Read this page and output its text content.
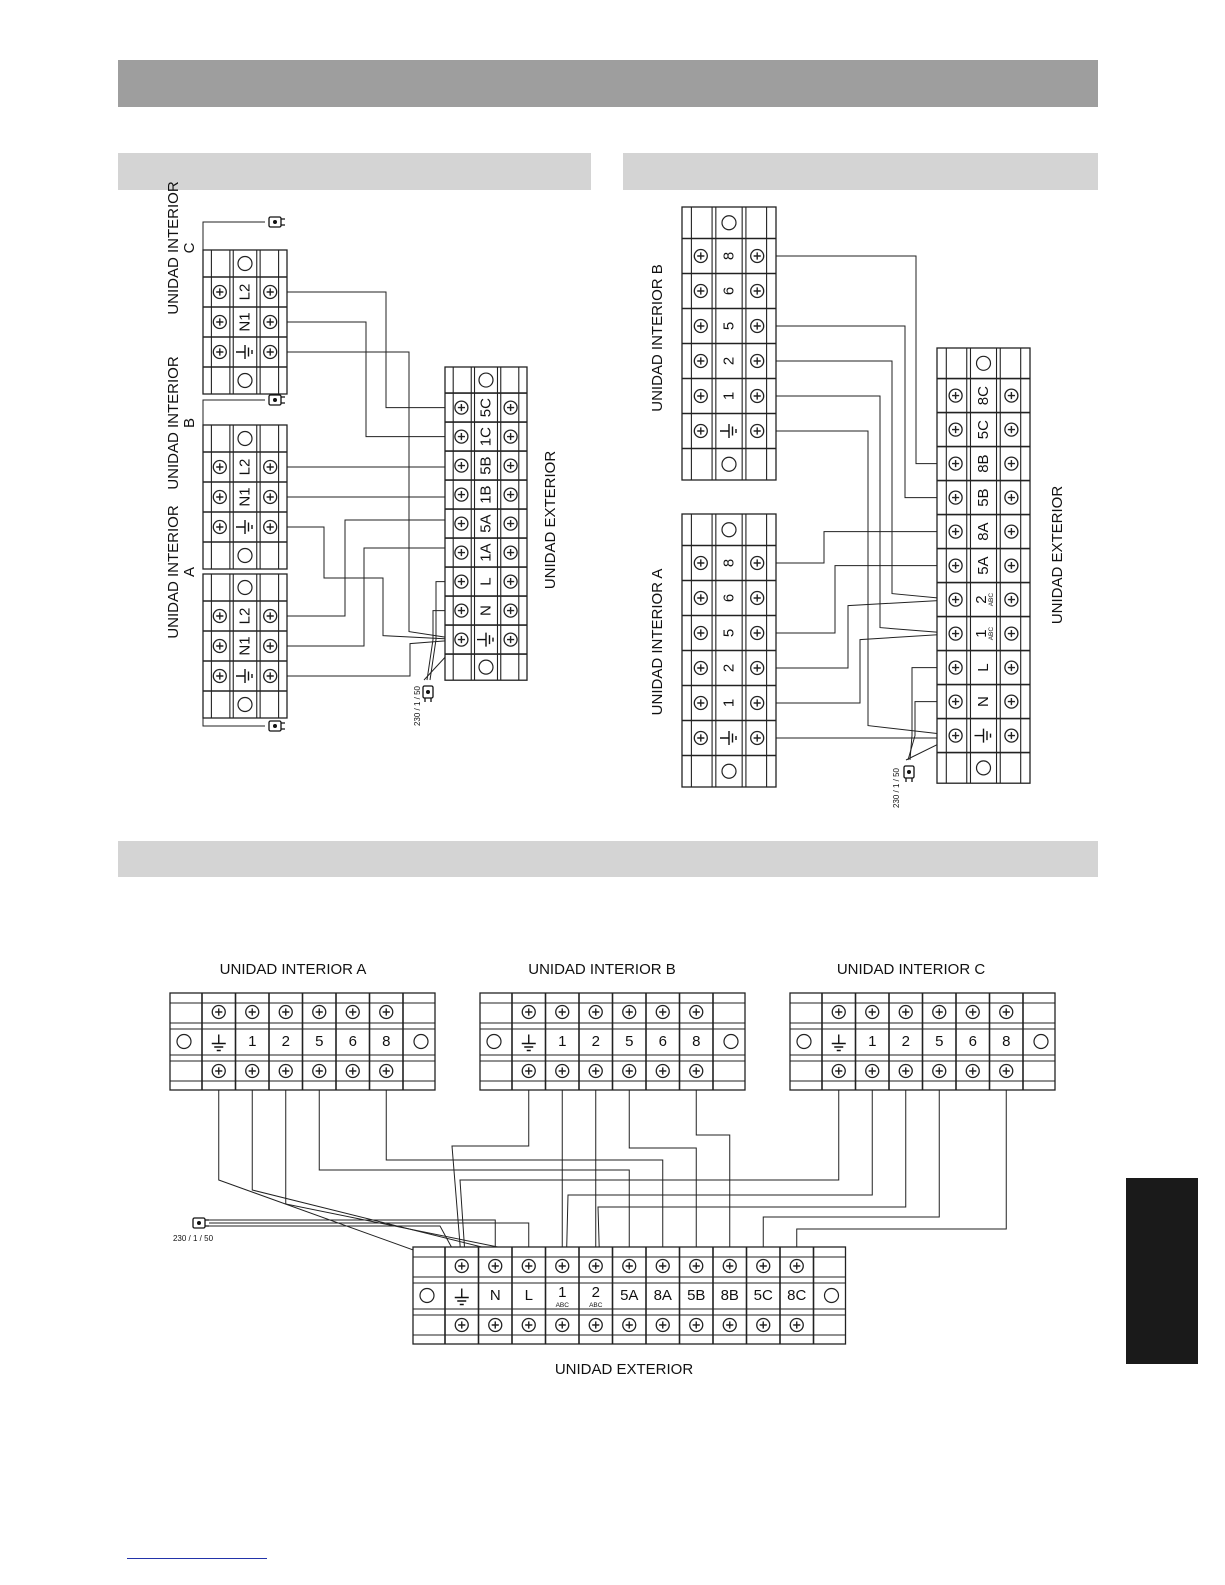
L2
N1
L2
N1
L2
N1
5C
1C
5B
1B
5A
1A
L
N
8
6
5
2
1
8
6
5
2
1
8C
5C
8B
5B
8A
5A
2
ABC
1
ABC
L
N
1 2 5 6 8	1 2 5 6 8	1 2 5 6 8
N L 1
ABC
2
ABC
5A 8A 5B 8B 5C 8C
UNIDAD INTERIOR C
UNIDAD INTERIOR B
UNIDAD INTERIOR A	UNIDAD EXTERIOR
230 / 1 / 50
UNIDAD INTERIOR B
UNIDAD INTERIOR A
UNIDAD EXTERIOR
230 / 1 / 50
UNIDAD INTERIOR A	UNIDAD INTERIOR B	UNIDAD INTERIOR C
UNIDAD EXTERIOR
230 / 1 / 50
